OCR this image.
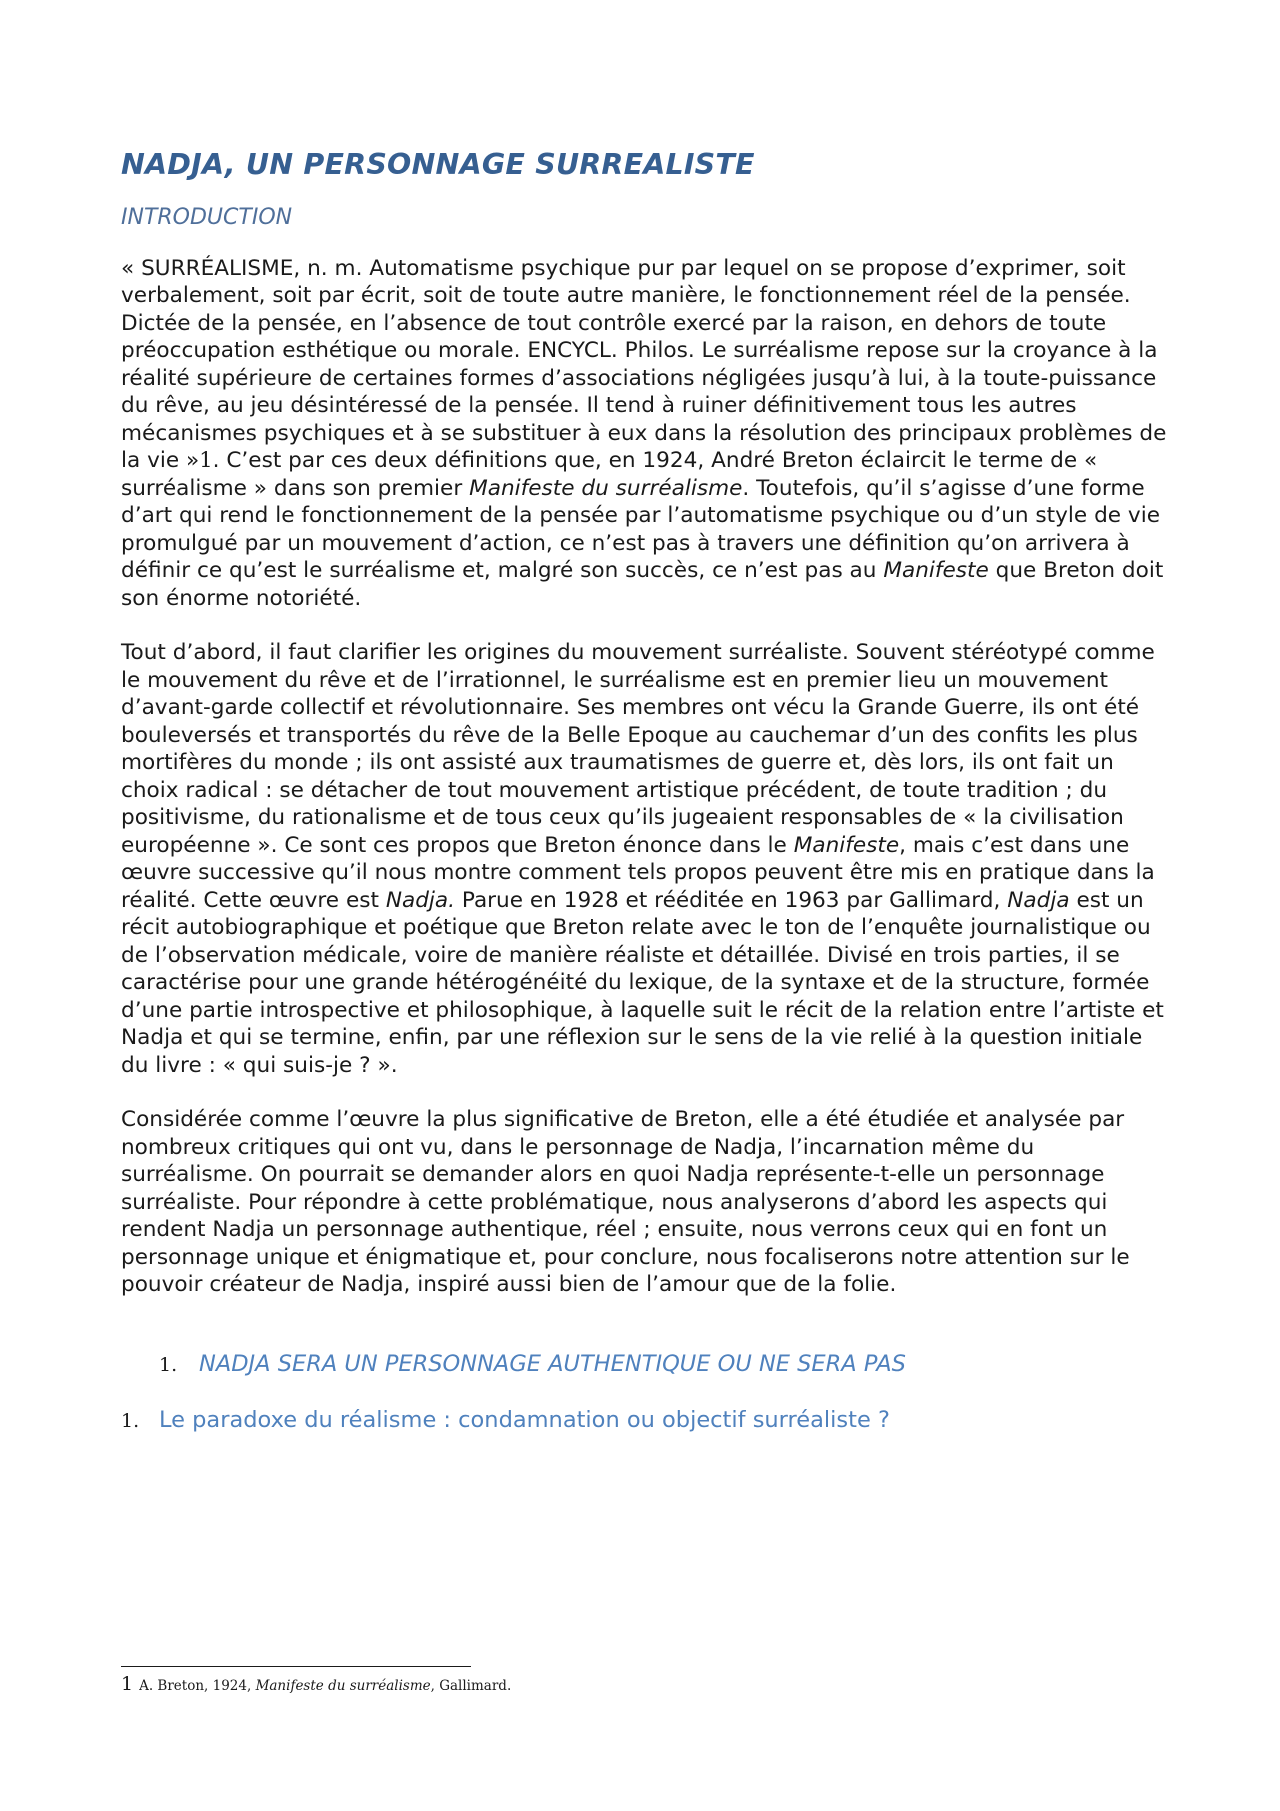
NADJA, UN PERSONNAGE SURREALISTE
INTRODUCTION

« SURRÉALISME, n. m. Automatisme psychique pur par lequel on se propose d’exprimer, soit verbalement, soit par écrit, soit de toute autre manière, le fonctionnement réel de la pensée. Dictée de la pensée, en l’absence de tout contrôle exercé par la raison, en dehors de toute préoccupation esthétique ou morale. ENCYCL. Philos. Le surréalisme repose sur la croyance à la réalité supérieure de certaines formes d’associations négligées jusqu’à lui, à la toute-puissance du rêve, au jeu désintéressé de la pensée. Il tend à ruiner définitivement tous les autres mécanismes psychiques et à se substituer à eux dans la résolution des principaux problèmes de la vie »1. C’est par ces deux définitions que, en 1924, André Breton éclaircit le terme de « surréalisme » dans son premier Manifeste du surréalisme. Toutefois, qu’il s’agisse d’une forme d’art qui rend le fonctionnement de la pensée par l’automatisme psychique ou d’un style de vie promulgué par un mouvement d’action, ce n’est pas à travers une définition qu’on arrivera à définir ce qu’est le surréalisme et, malgré son succès, ce n’est pas au Manifeste que Breton doit son énorme notoriété.

Tout d’abord, il faut clarifier les origines du mouvement surréaliste. Souvent stéréotypé comme le mouvement du rêve et de l’irrationnel, le surréalisme est en premier lieu un mouvement d’avant-garde collectif et révolutionnaire. Ses membres ont vécu la Grande Guerre, ils ont été bouleversés et transportés du rêve de la Belle Epoque au cauchemar d’un des confits les plus mortifères du monde ; ils ont assisté aux traumatismes de guerre et, dès lors, ils ont fait un choix radical : se détacher de tout mouvement artistique précédent, de toute tradition ; du positivisme, du rationalisme et de tous ceux qu’ils jugeaient responsables de « la civilisation européenne ». Ce sont ces propos que Breton énonce dans le Manifeste, mais c’est dans une œuvre successive qu’il nous montre comment tels propos peuvent être mis en pratique dans la réalité. Cette œuvre est Nadja. Parue en 1928 et rééditée en 1963 par Gallimard, Nadja est un récit autobiographique et poétique que Breton relate avec le ton de l’enquête journalistique ou de l’observation médicale, voire de manière réaliste et détaillée. Divisé en trois parties, il se caractérise pour une grande hétérogénéité du lexique, de la syntaxe et de la structure, formée d’une partie introspective et philosophique, à laquelle suit le récit de la relation entre l’artiste et Nadja et qui se termine, enfin, par une réflexion sur le sens de la vie relié à la question initiale du livre : « qui suis-je ? ».

Considérée comme l’œuvre la plus significative de Breton, elle a été étudiée et analysée par nombreux critiques qui ont vu, dans le personnage de Nadja, l’incarnation même du surréalisme. On pourrait se demander alors en quoi Nadja représente-t-elle un personnage surréaliste. Pour répondre à cette problématique, nous analyserons d’abord les aspects qui rendent Nadja un personnage authentique, réel ; ensuite, nous verrons ceux qui en font un personnage unique et énigmatique et, pour conclure, nous focaliserons notre attention sur le pouvoir créateur de Nadja, inspiré aussi bien de l’amour que de la folie.

1. NADJA SERA UN PERSONNAGE AUTHENTIQUE OU NE SERA PAS
1. Le paradoxe du réalisme : condamnation ou objectif surréaliste ?
1 A. Breton, 1924, Manifeste du surréalisme, Gallimard.
